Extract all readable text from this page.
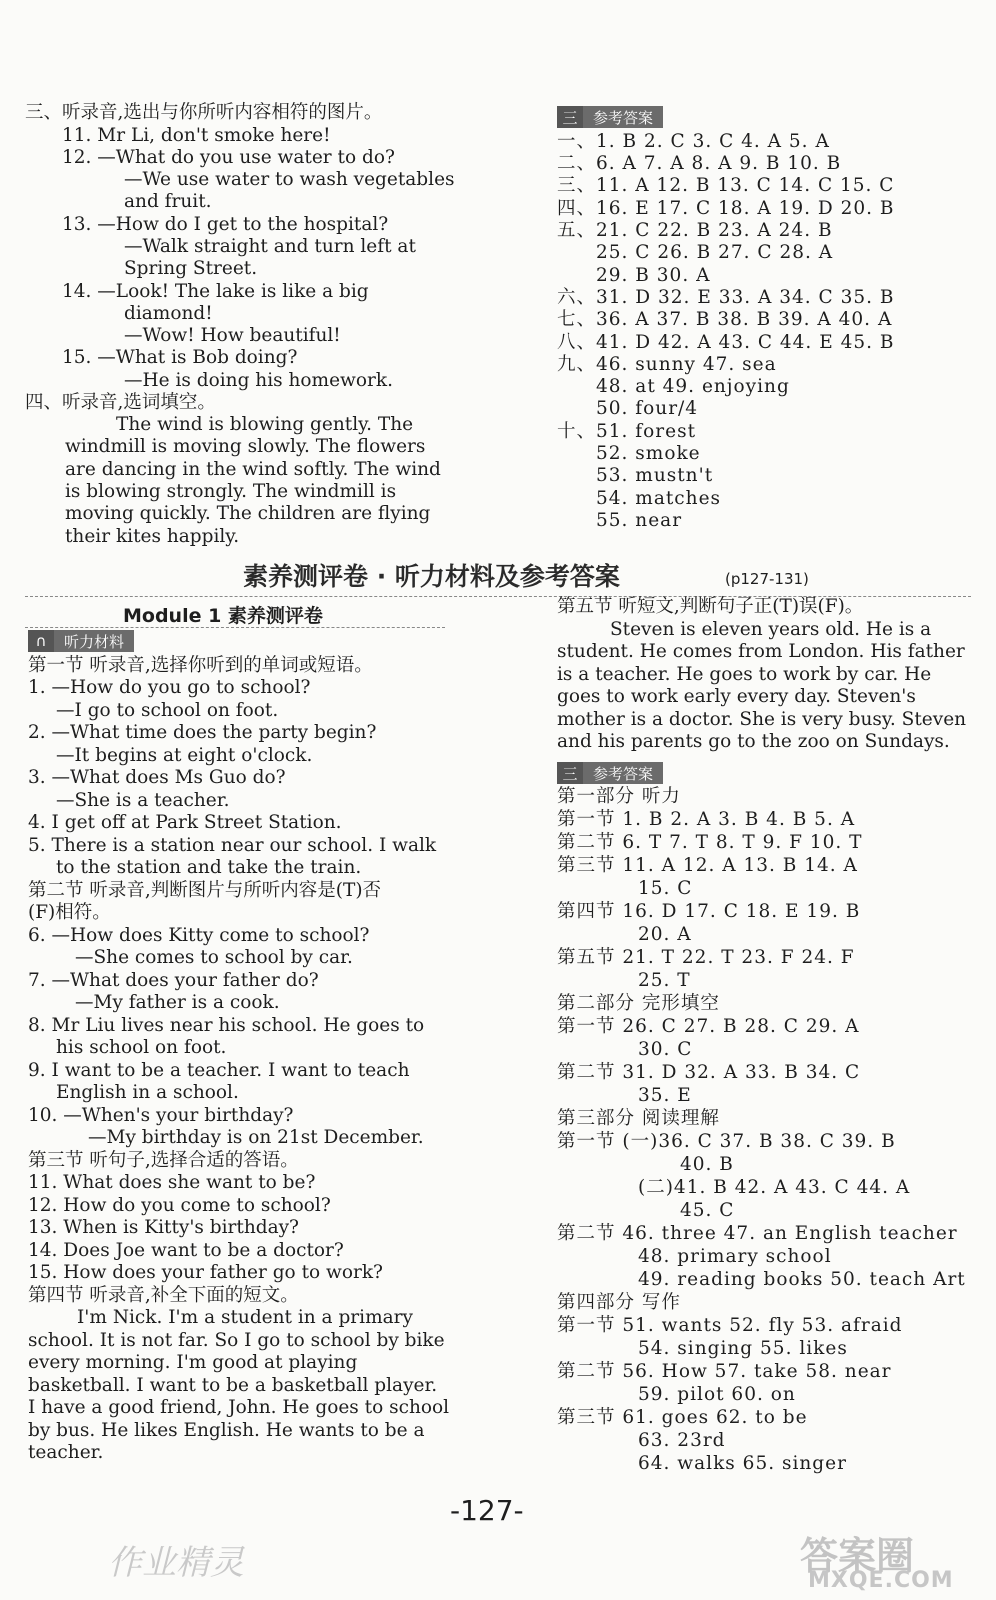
三、听录音,选出与你所听内容相符的图片。
11. Mr Li, don't smoke here!
12. —What do you use water to do?
—We use water to wash vegetables
and fruit.
13. —How do I get to the hospital?
—Walk straight and turn left at
Spring Street.
14. —Look! The lake is like a big
diamond!
—Wow! How beautiful!
15. —What is Bob doing?
—He is doing his homework.
四、听录音,选词填空。
The wind is blowing gently. The
windmill is moving slowly. The flowers
are dancing in the wind softly. The wind
is blowing strongly. The windmill is
moving quickly. The children are flying
their kites happily.
三	参考答案
一、1. B 2. C 3. C 4. A 5. A
二、6. A 7. A 8. A 9. B 10. B
三、11. A 12. B 13. C 14. C 15. C
四、16. E 17. C 18. A 19. D 20. B
五、21. C 22. B 23. A 24. B
25. C 26. B 27. C 28. A
29. B 30. A
六、31. D 32. E 33. A 34. C 35. B
七、36. A 37. B 38. B 39. A 40. A
八、41. D 42. A 43. C 44. E 45. B
九、46. sunny 47. sea
48. at 49. enjoying
50. four/4
十、51. forest
52. smoke
53. mustn't
54. matches
55. near
素养测评卷 · 听力材料及参考答案	(p127-131)
Module 1 素养测评卷
∩	听力材料
第一节 听录音,选择你听到的单词或短语。
1. —How do you go to school?
—I go to school on foot.
2. —What time does the party begin?
—It begins at eight o'clock.
3. —What does Ms Guo do?
—She is a teacher.
4. I get off at Park Street Station.
5. There is a station near our school. I walk
to the station and take the train.
第二节 听录音,判断图片与所听内容是(T)否
(F)相符。
6. —How does Kitty come to school?
—She comes to school by car.
7. —What does your father do?
—My father is a cook.
8. Mr Liu lives near his school. He goes to
his school on foot.
9. I want to be a teacher. I want to teach
English in a school.
10. —When's your birthday?
—My birthday is on 21st December.
第三节 听句子,选择合适的答语。
11. What does she want to be?
12. How do you come to school?
13. When is Kitty's birthday?
14. Does Joe want to be a doctor?
15. How does your father go to work?
第四节 听录音,补全下面的短文。
I'm Nick. I'm a student in a primary
school. It is not far. So I go to school by bike
every morning. I'm good at playing
basketball. I want to be a basketball player.
I have a good friend, John. He goes to school
by bus. He likes English. He wants to be a
teacher.
第五节 听短文,判断句子正(T)误(F)。
Steven is eleven years old. He is a
student. He comes from London. His father
is a teacher. He goes to work by car. He
goes to work early every day. Steven's
mother is a doctor. She is very busy. Steven
and his parents go to the zoo on Sundays.
三	参考答案
第一部分 听力
第一节 1. B 2. A 3. B 4. B 5. A
第二节 6. T 7. T 8. T 9. F 10. T
第三节 11. A 12. A 13. B 14. A
15. C
第四节 16. D 17. C 18. E 19. B
20. A
第五节 21. T 22. T 23. F 24. F
25. T
第二部分 完形填空
第一节 26. C 27. B 28. C 29. A
30. C
第二节 31. D 32. A 33. B 34. C
35. E
第三部分 阅读理解
第一节 (一)36. C 37. B 38. C 39. B
40. B
(二)41. B 42. A 43. C 44. A
45. C
第二节 46. three 47. an English teacher
48. primary school
49. reading books 50. teach Art
第四部分 写作
第一节 51. wants 52. fly 53. afraid
54. singing 55. likes
第二节 56. How 57. take 58. near
59. pilot 60. on
第三节 61. goes 62. to be
63. 23rd
64. walks 65. singer
-127-
作业精灵	答案圈
MXQE.COM
